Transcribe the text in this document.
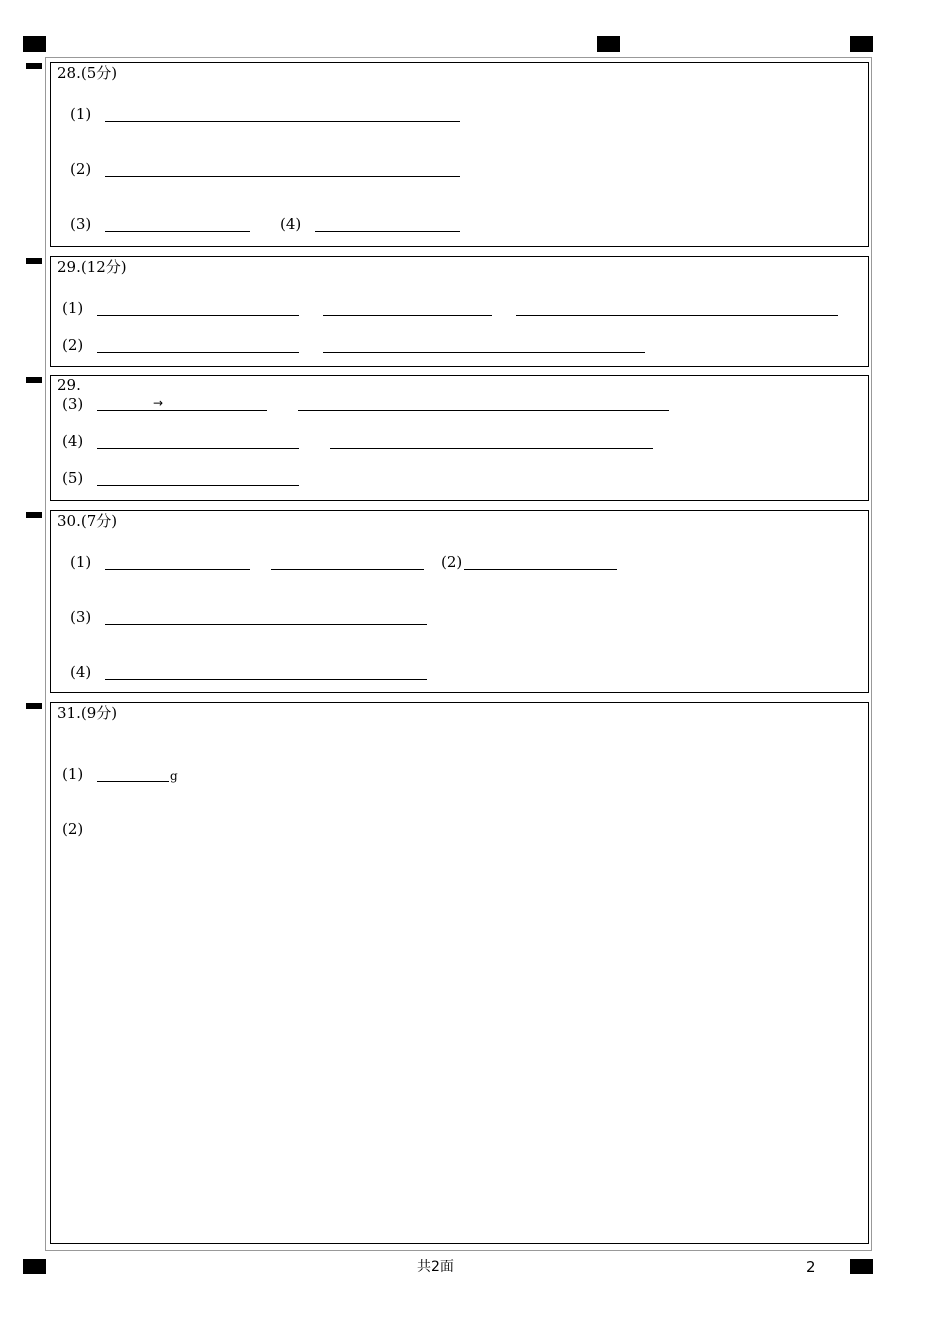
28.(5分)
(1)
(2)
(3)	(4)
29.(12分)
(1)
(2)
29.
(3)	→
(4)
(5)
30.(7分)
(1)	(2)
(3)
(4)
31.(9分)
(1)	g
(2)
共2面	2
